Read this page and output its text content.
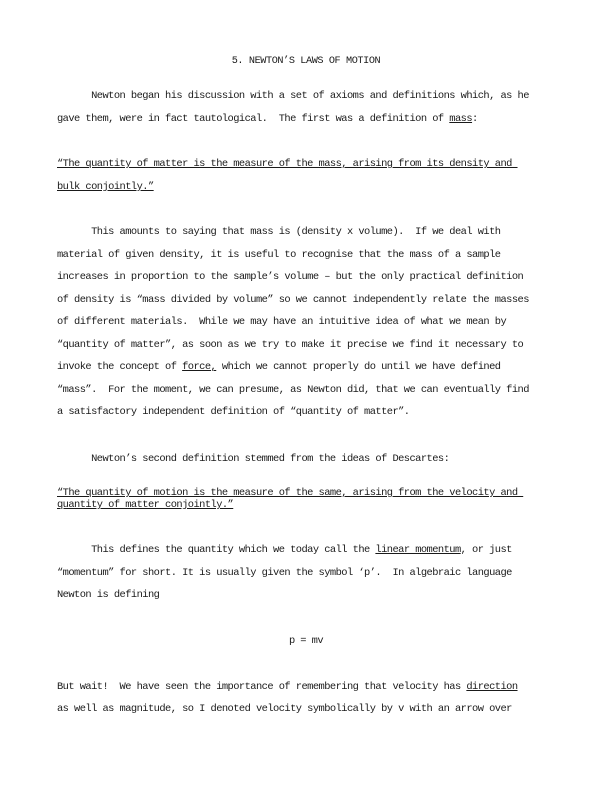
5. NEWTON’S LAWS OF MOTION
Newton began his discussion with a set of axioms and definitions which, as he
gave them, were in fact tautological.  The first was a definition of mass:
“The quantity of matter is the measure of the mass, arising from its density and
bulk conjointly.”
This amounts to saying that mass is (density x volume).  If we deal with
material of given density, it is useful to recognise that the mass of a sample
increases in proportion to the sample’s volume – but the only practical definition
of density is “mass divided by volume” so we cannot independently relate the masses
of different materials.  While we may have an intuitive idea of what we mean by
“quantity of matter”, as soon as we try to make it precise we find it necessary to
invoke the concept of force, which we cannot properly do until we have defined
“mass”.  For the moment, we can presume, as Newton did, that we can eventually find
a satisfactory independent definition of “quantity of matter”.
Newton’s second definition stemmed from the ideas of Descartes:
“The quantity of motion is the measure of the same, arising from the velocity and
quantity of matter conjointly.”
This defines the quantity which we today call the linear momentum, or just
“momentum” for short. It is usually given the symbol ‘p’.  In algebraic language
Newton is defining
p = mv
But wait!  We have seen the importance of remembering that velocity has direction
as well as magnitude, so I denoted velocity symbolically by v with an arrow over
